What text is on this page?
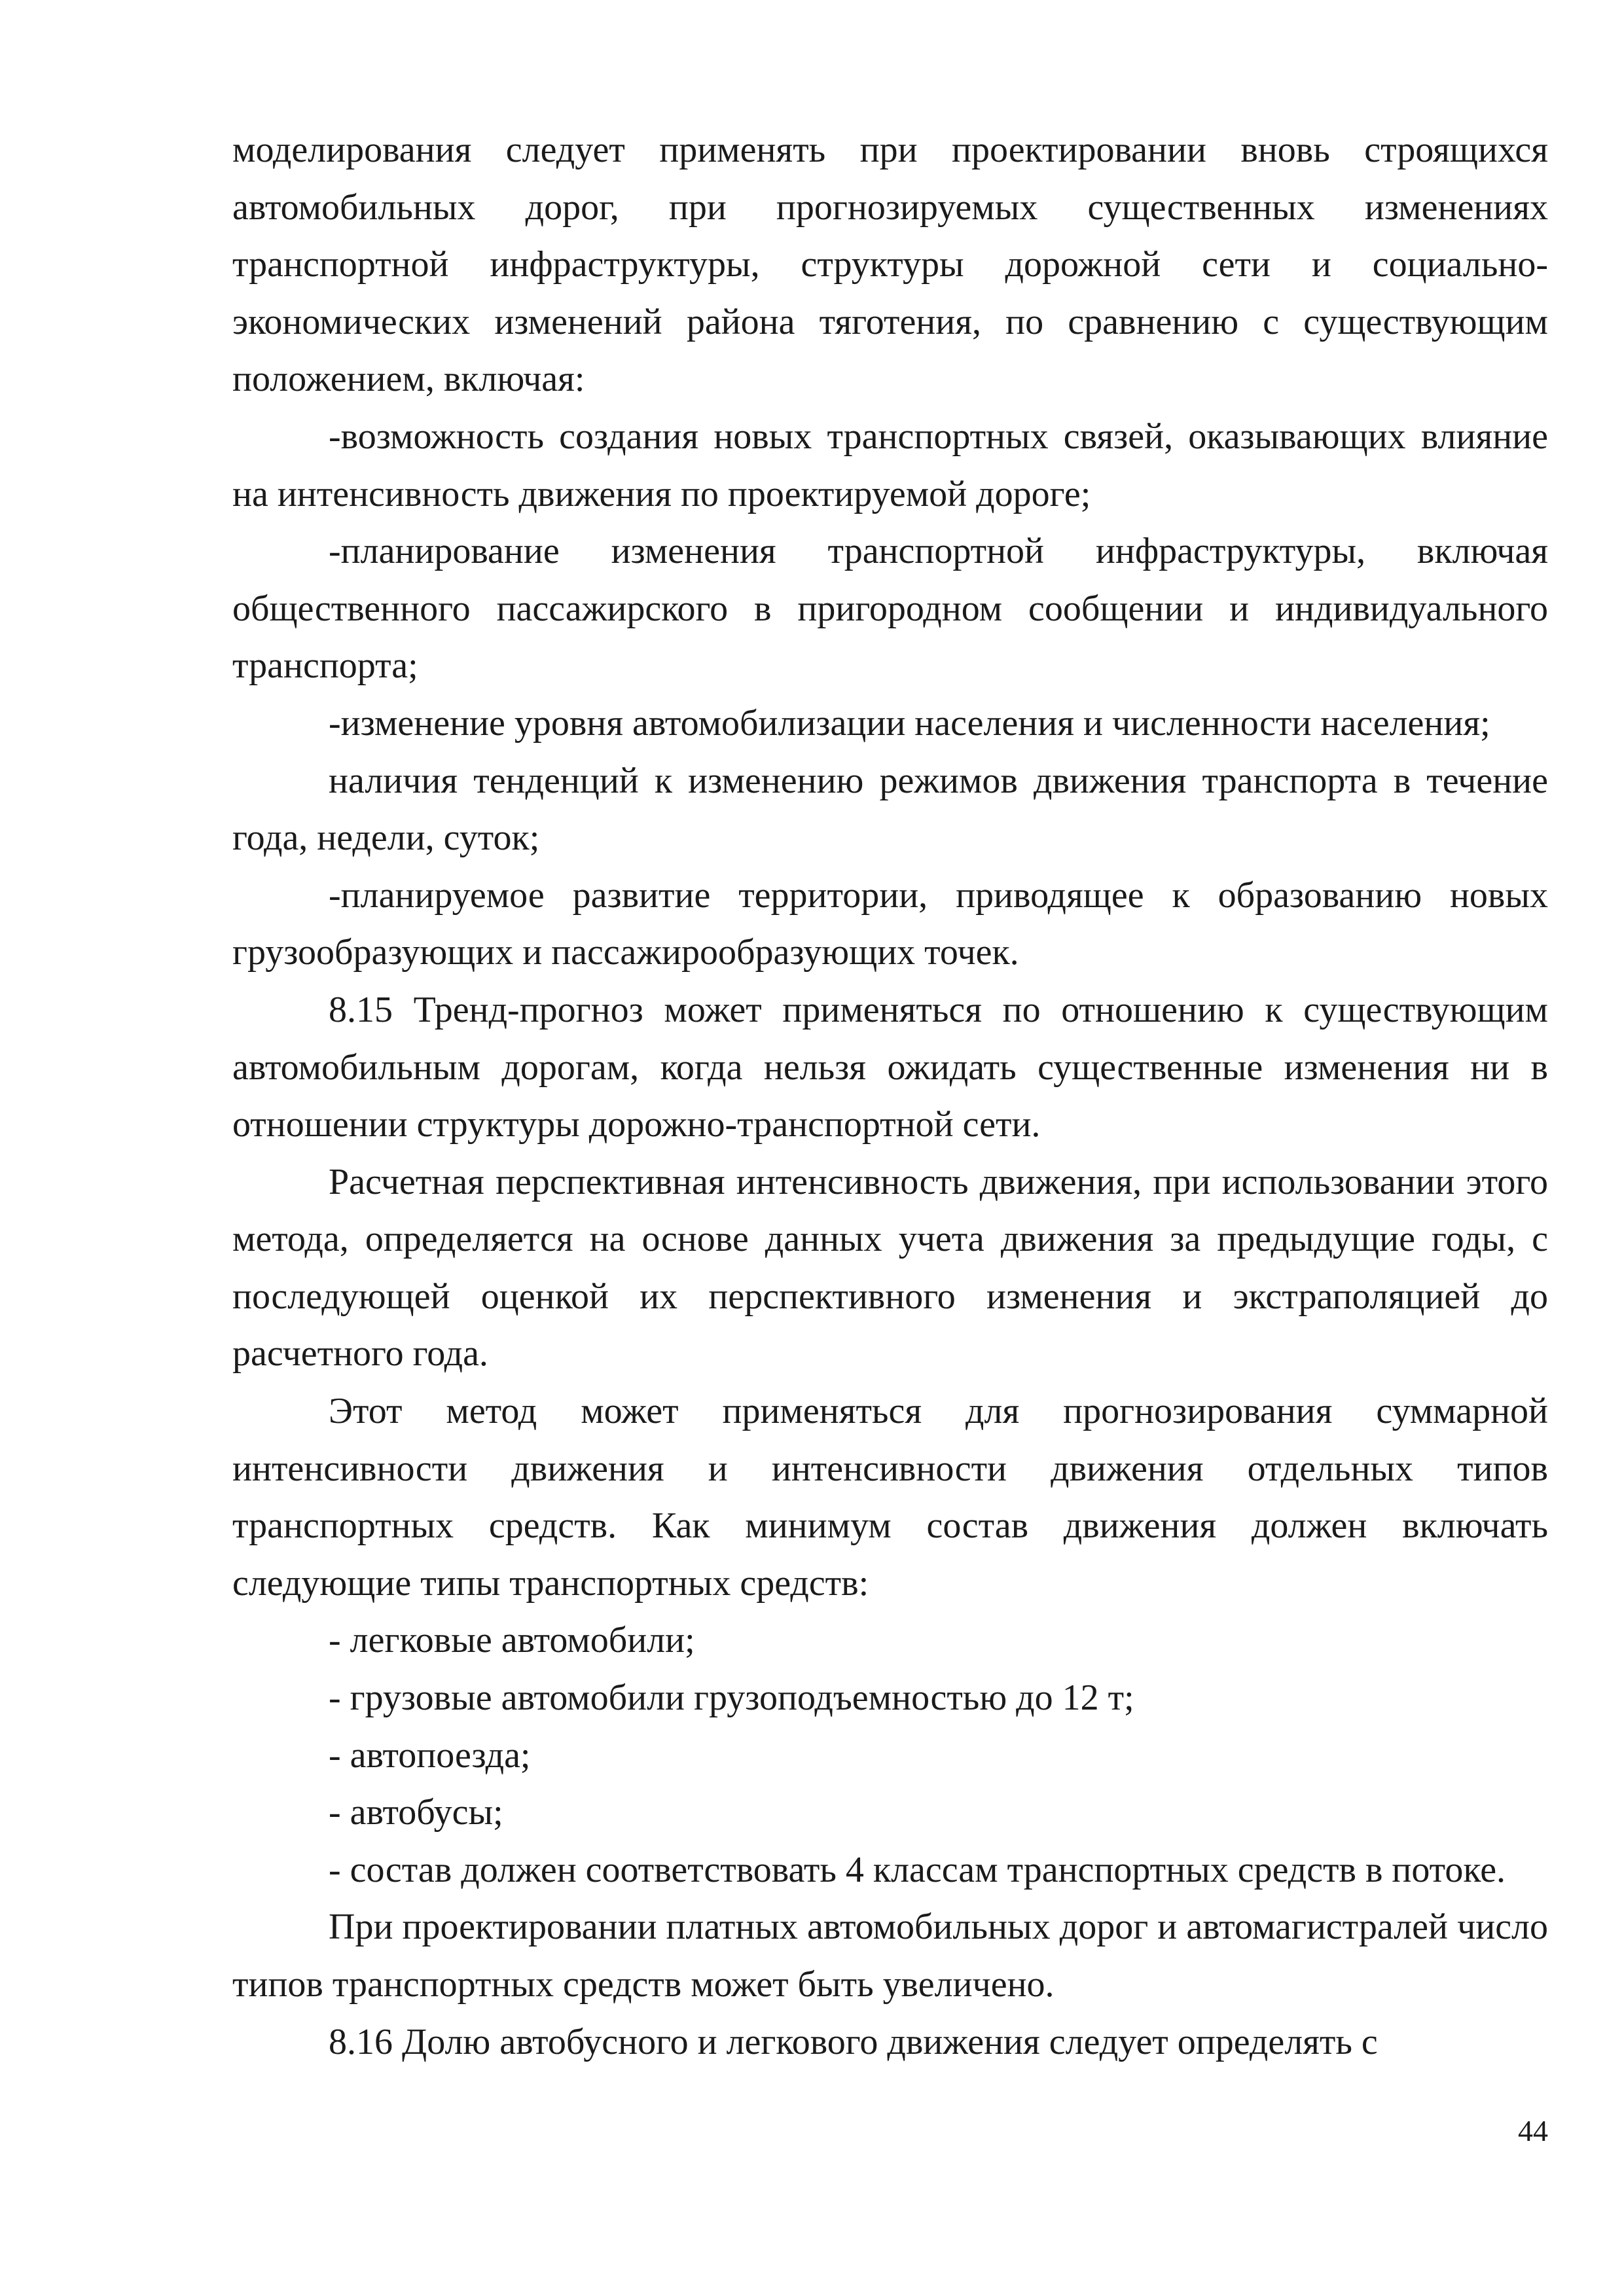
моделирования следует применять при проектировании вновь строящихся автомобильных дорог, при прогнозируемых существенных изменениях транспортной инфраструктуры, структуры дорожной сети и социально-экономических изменений района тяготения, по сравнению с существующим положением, включая:

-возможность создания новых транспортных связей, оказывающих влияние на интенсивность движения по проектируемой дороге;

-планирование изменения транспортной инфраструктуры, включая общественного пассажирского в пригородном сообщении и индивидуального транспорта;

-изменение уровня автомобилизации населения и численности населения;

наличия тенденций к изменению режимов движения транспорта в течение года, недели, суток;

-планируемое развитие территории, приводящее к образованию новых грузообразующих и пассажирообразующих точек.

8.15 Тренд-прогноз может применяться по отношению к существующим автомобильным дорогам, когда нельзя ожидать существенные изменения ни в отношении структуры дорожно-транспортной сети.

Расчетная перспективная интенсивность движения, при использовании этого метода, определяется на основе данных учета движения за предыдущие годы, с последующей оценкой их перспективного изменения и экстраполяцией до расчетного года.

Этот метод может применяться для прогнозирования суммарной интенсивности движения и интенсивности движения отдельных типов транспортных средств. Как минимум состав движения должен включать следующие типы транспортных средств:

- легковые автомобили;

- грузовые автомобили грузоподъемностью до 12 т;

- автопоезда;

- автобусы;

- состав должен соответствовать 4 классам транспортных средств в потоке.

При проектировании платных автомобильных дорог и автомагистралей число типов транспортных средств может быть увеличено.

8.16 Долю автобусного и легкового движения следует определять с

44
